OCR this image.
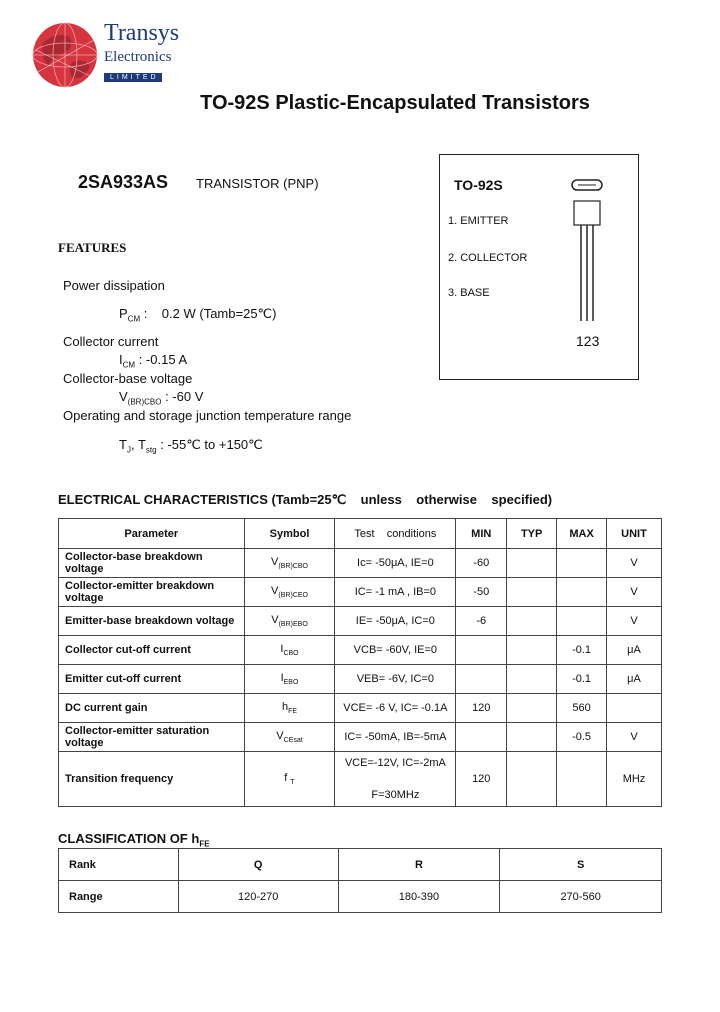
Transys
Electronics
LIMITED
TO-92S Plastic-Encapsulated Transistors
2SA933AS TRANSISTOR (PNP)
FEATURES
Power dissipation
$P_{CM}$ :    0.2 W (Tamb=25℃)
Collector current
$I_{CM}$ : -0.15 A
Collector-base voltage
$V_{(BR)CBO}$ : -60 V
Operating and storage junction temperature range
$T_J$, $T_{stg}$ : -55℃ to +150℃
TO-92S
1. EMITTER
2. COLLECTOR
3. BASE
123
ELECTRICAL CHARACTERISTICS (Tamb=25℃    unless    otherwise    specified)
Parameter	Symbol	Test    conditions	MIN	TYP	MAX	UNIT
Collector-base breakdown voltage	$V_{(BR)CBO}$	Ic= -50μA, IE=0	-60			V
Collector-emitter breakdown voltage	$V_{(BR)CEO}$	IC= -1 mA , IB=0	-50			V
Emitter-base breakdown voltage	$V_{(BR)EBO}$	IE= -50μA, IC=0	-6			V
Collector cut-off current	$I_{CBO}$	VCB= -60V, IE=0			-0.1	μA
Emitter cut-off current	$I_{EBO}$	VEB= -6V, IC=0			-0.1	μA
DC current gain	$h_{FE}$	VCE= -6 V, IC= -0.1A	120		560	
Collector-emitter saturation voltage	$V_{CEsat}$	IC= -50mA, IB=-5mA			-0.5	V
Transition frequency	f $_T$	VCE=-12V, IC=-2mA
F=30MHz	120			MHz
CLASSIFICATION OF $h_{FE}$
Rank	Q	R	S
Range	120-270	180-390	270-560
